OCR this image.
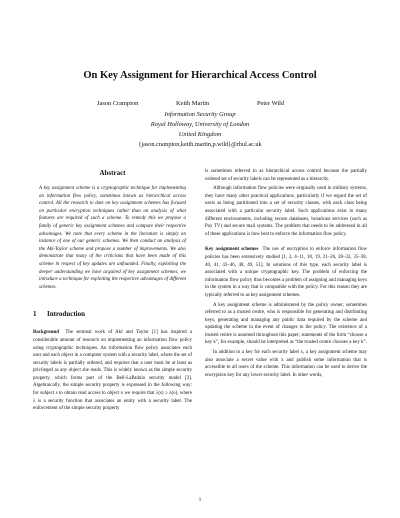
On Key Assignment for Hierarchical Access Control
Jason Crampton	Keith Martin	Peter Wild
Information Security Group
Royal Holloway, University of London
United Kingdom
{jason.crampton,keith.martin,p.wild}@rhul.ac.uk

Abstract

A key assignment scheme is a cryptographic technique for implementing an information flow policy, sometimes known as hierarchical access control. All the research to date on key assignment schemes has focused on particular encryption techniques rather than an analysis of what features are required of such a scheme. To remedy this we propose a family of generic key assignment schemes and compare their respective advantages. We note that every scheme in the literature is simply an instance of one of our generic schemes. We then conduct an analysis of the Akl-Taylor scheme and propose a number of improvements. We also demonstrate that many of the criticisms that have been made of this scheme in respect of key updates are unfounded. Finally, exploiting the deeper understanding we have acquired of key assignment schemes, we introduce a technique for exploiting the respective advantages of different schemes.

1 Introduction

Background The seminal work of Akl and Taylor [1] has inspired a considerable amount of research on implementing an information flow policy using cryptographic techniques. An information flow policy associates each user and each object in a computer system with a security label, where the set of security labels is partially ordered, and requires that a user must be at least as privileged as any object she reads. This is widely known as the simple security property, which forms part of the Bell-LaPadula security model [3]. Algebraically, the simple security property is expressed in the following way: for subject s to obtain read access to object o we require that λ(s) ≥ λ(o), where λ is a security function that associates an entity with a security label. The enforcement of the simple security property

is sometimes referred to as hierarchical access control because the partially ordered set of security labels can be represented as a hierarchy.

Although information flow policies were originally used in military systems, they have many other practical applications, particularly if we regard the set of users as being partitioned into a set of security classes, with each class being associated with a particular security label. Such applications exist in many different environments, including secure databases, broadcast services (such as Pay TV) and secure mail systems. The problem that needs to be addressed in all of these applications is how best to enforce the information flow policy.

Key assignment schemes The use of encryption to enforce information flow policies has been extensively studied [1, 2, 4–11, 18, 19, 21–26, 28–32, 35–38, 40, 41, 43–46, 48, 49, 51]. In solutions of this type, each security label is associated with a unique cryptographic key. The problem of enforcing the information flow policy thus becomes a problem of assigning and managing keys in the system in a way that is compatible with the policy. For this reason they are typically referred to as key assignment schemes.

A key assignment scheme is administered by the policy owner, sometimes referred to as a trusted centre, who is responsible for generating and distributing keys, generating and managing any public data required by the scheme and updating the scheme in the event of changes to the policy. The existence of a trusted centre is assumed throughout this paper; statements of the form “choose a key k”, for example, should be interpreted as “the trusted centre chooses a key k”.

In addition to a key for each security label x, a key assignment scheme may also associate a secret value with x and publish some information that is accessible to all users of the scheme. This information can be used to derive the encryption key for any lower security label. In other words,

1
